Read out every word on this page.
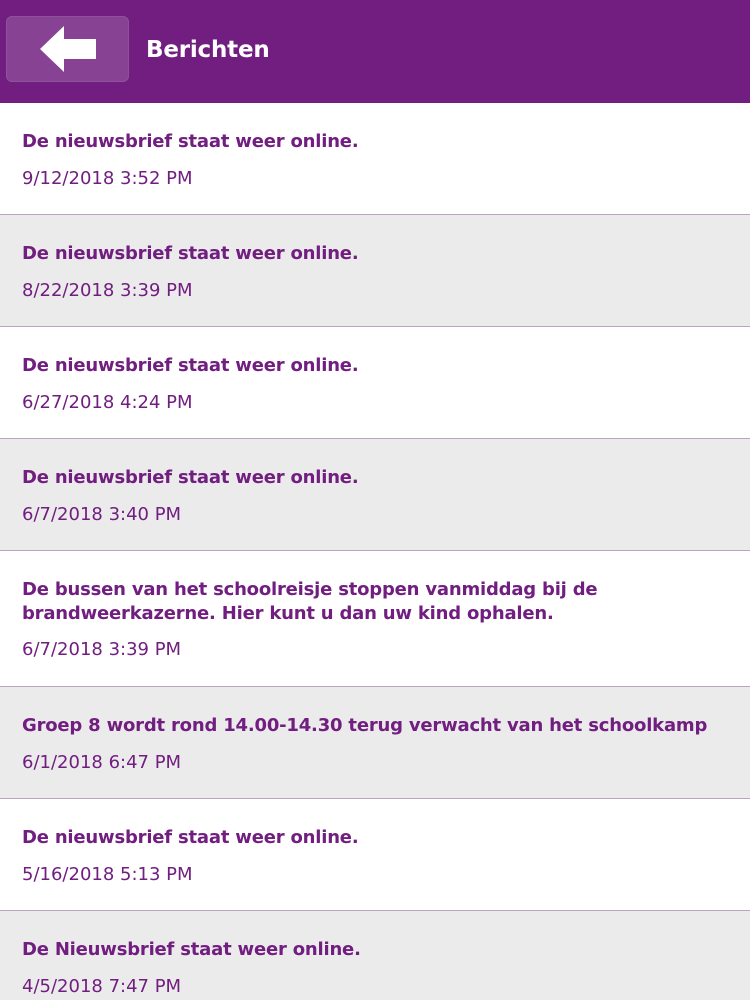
Berichten
De nieuwsbrief staat weer online.
9/12/2018 3:52 PM
De nieuwsbrief staat weer online.
8/22/2018 3:39 PM
De nieuwsbrief staat weer online.
6/27/2018 4:24 PM
De nieuwsbrief staat weer online.
6/7/2018 3:40 PM
De bussen van het schoolreisje stoppen vanmiddag bij de brandweerkazerne. Hier kunt u dan uw kind ophalen.
6/7/2018 3:39 PM
Groep 8 wordt rond 14.00-14.30 terug verwacht van het schoolkamp
6/1/2018 6:47 PM
De nieuwsbrief staat weer online.
5/16/2018 5:13 PM
De Nieuwsbrief staat weer online.
4/5/2018 7:47 PM
